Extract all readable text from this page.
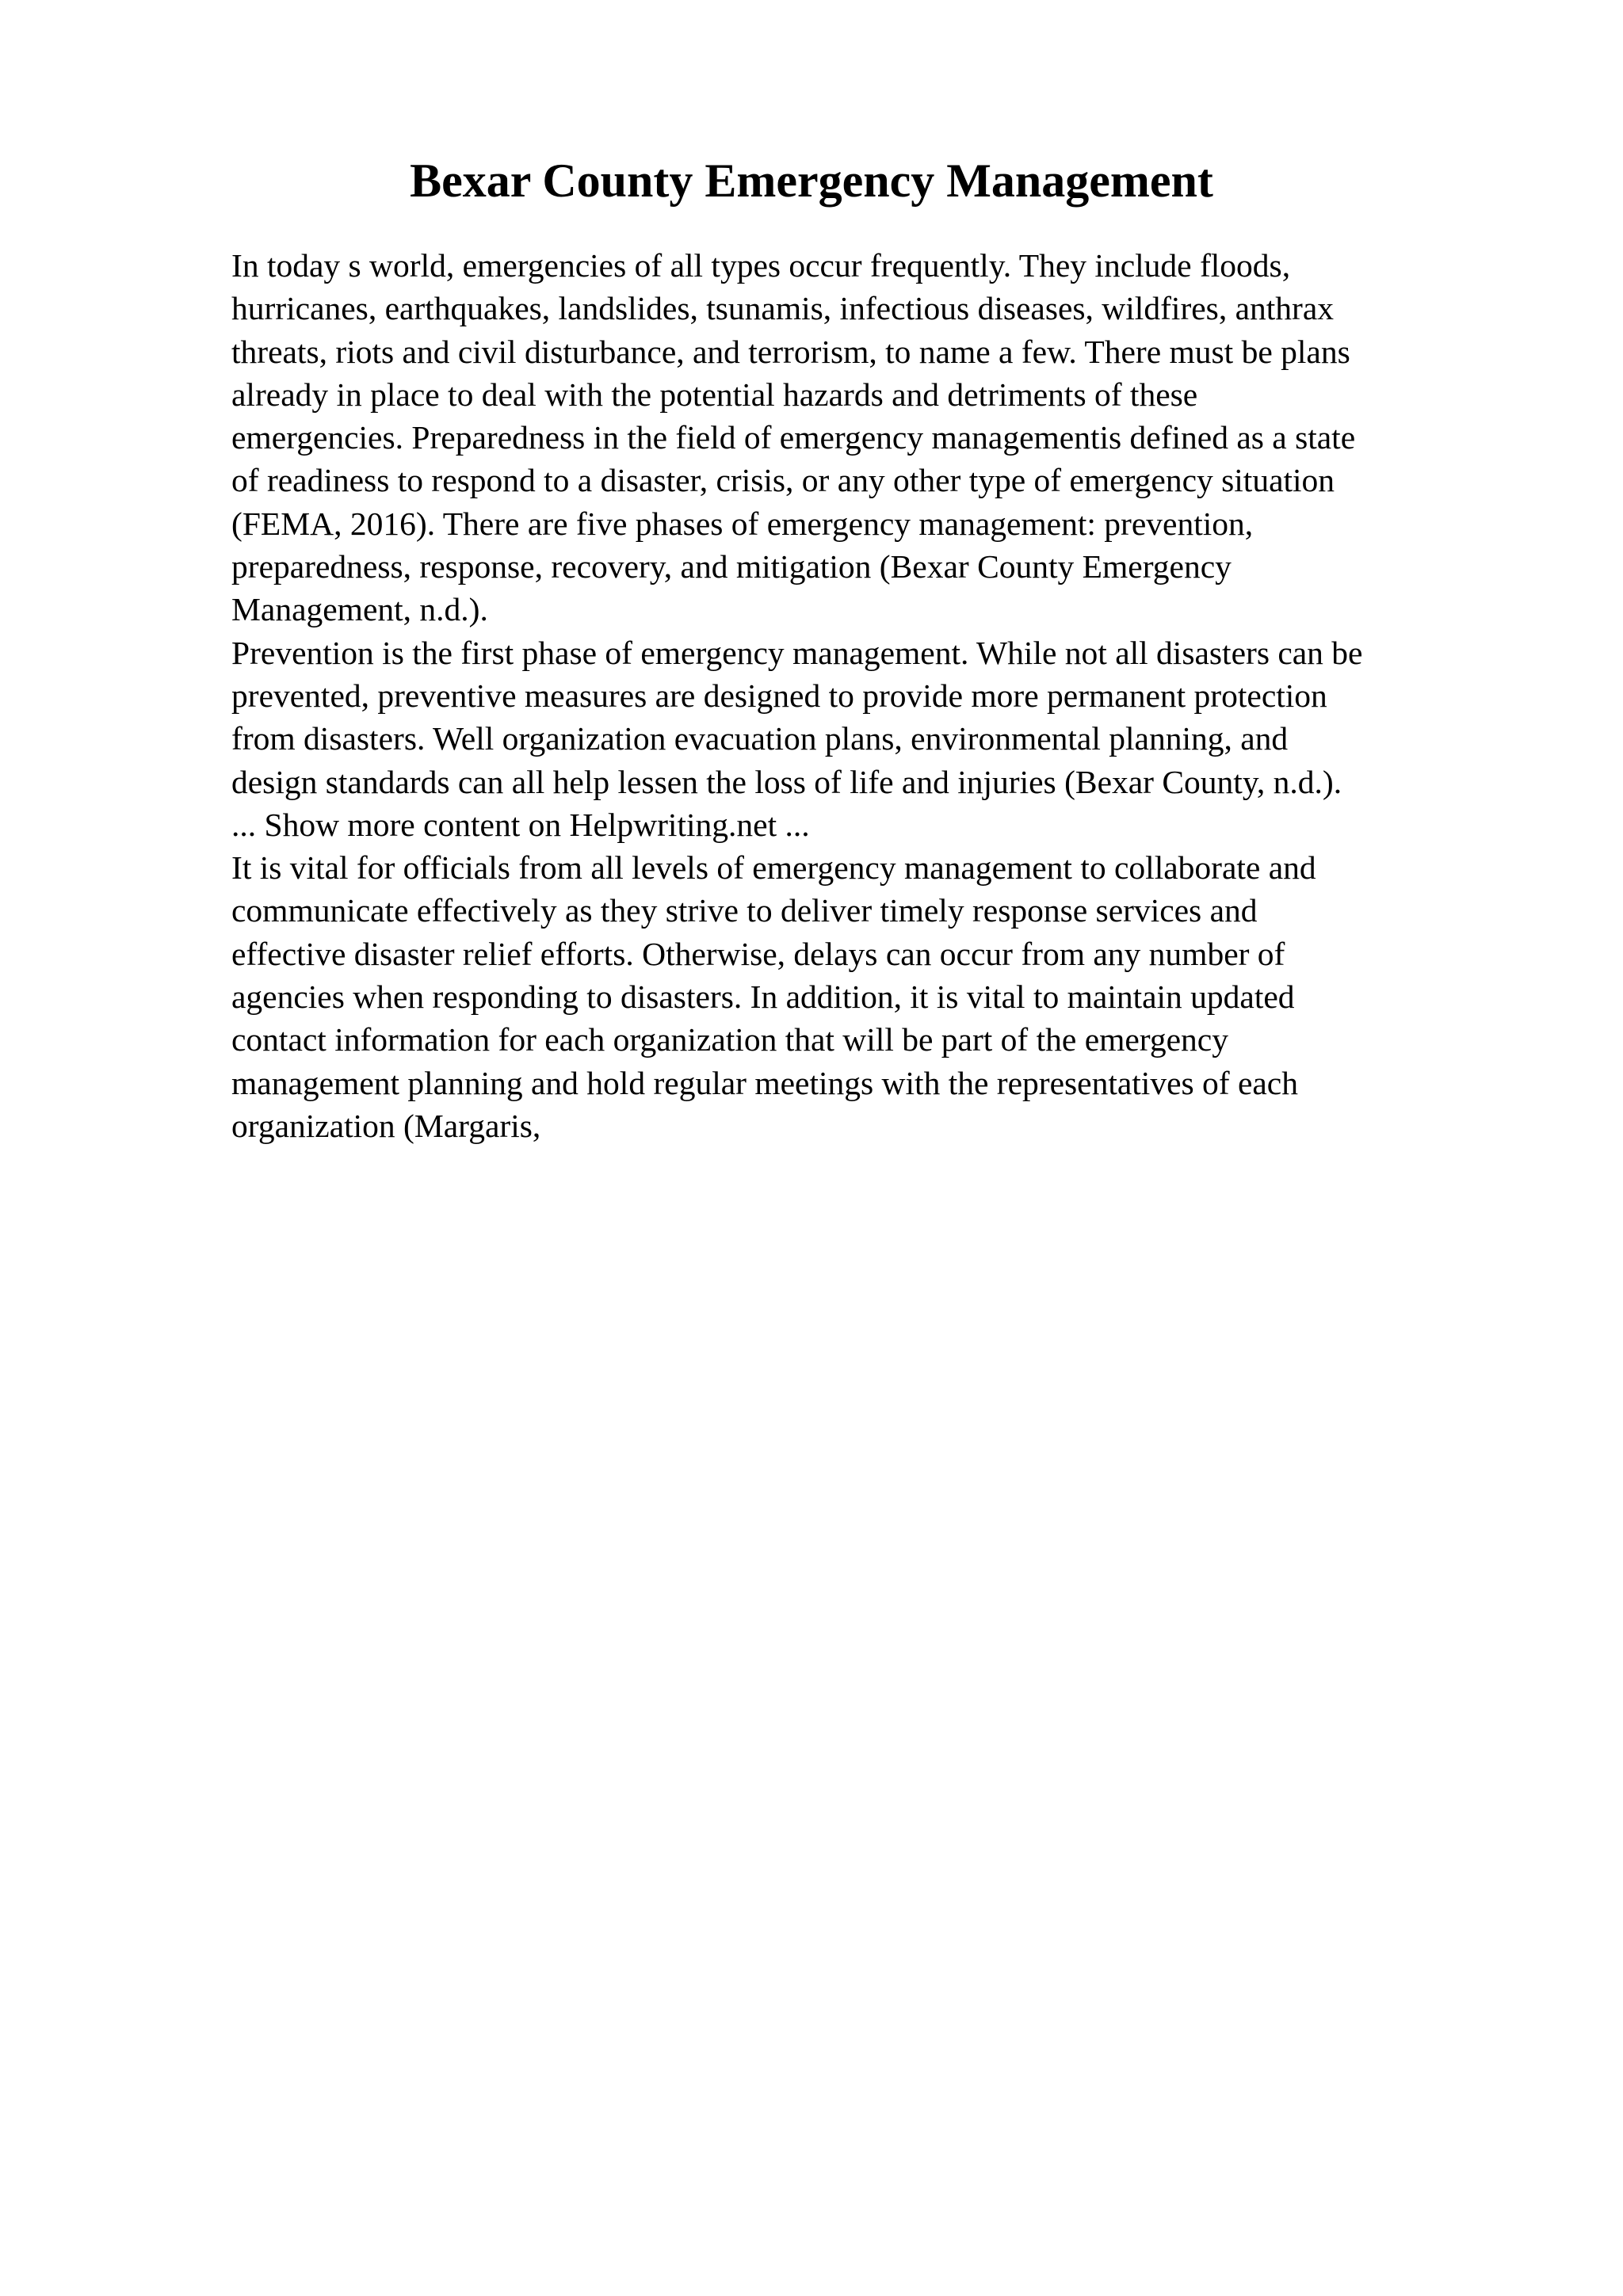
Bexar County Emergency Management
In today s world, emergencies of all types occur frequently. They include floods,
hurricanes, earthquakes, landslides, tsunamis, infectious diseases, wildfires, anthrax
threats, riots and civil disturbance, and terrorism, to name a few. There must be plans
already in place to deal with the potential hazards and detriments of these
emergencies. Preparedness in the field of emergency managementis defined as a state
of readiness to respond to a disaster, crisis, or any other type of emergency situation
(FEMA, 2016). There are five phases of emergency management: prevention,
preparedness, response, recovery, and mitigation (Bexar County Emergency
Management, n.d.).
Prevention is the first phase of emergency management. While not all disasters can be
prevented, preventive measures are designed to provide more permanent protection
from disasters. Well organization evacuation plans, environmental planning, and
design standards can all help lessen the loss of life and injuries (Bexar County, n.d.).
... Show more content on Helpwriting.net ...
It is vital for officials from all levels of emergency management to collaborate and
communicate effectively as they strive to deliver timely response services and
effective disaster relief efforts. Otherwise, delays can occur from any number of
agencies when responding to disasters. In addition, it is vital to maintain updated
contact information for each organization that will be part of the emergency
management planning and hold regular meetings with the representatives of each
organization (Margaris,
